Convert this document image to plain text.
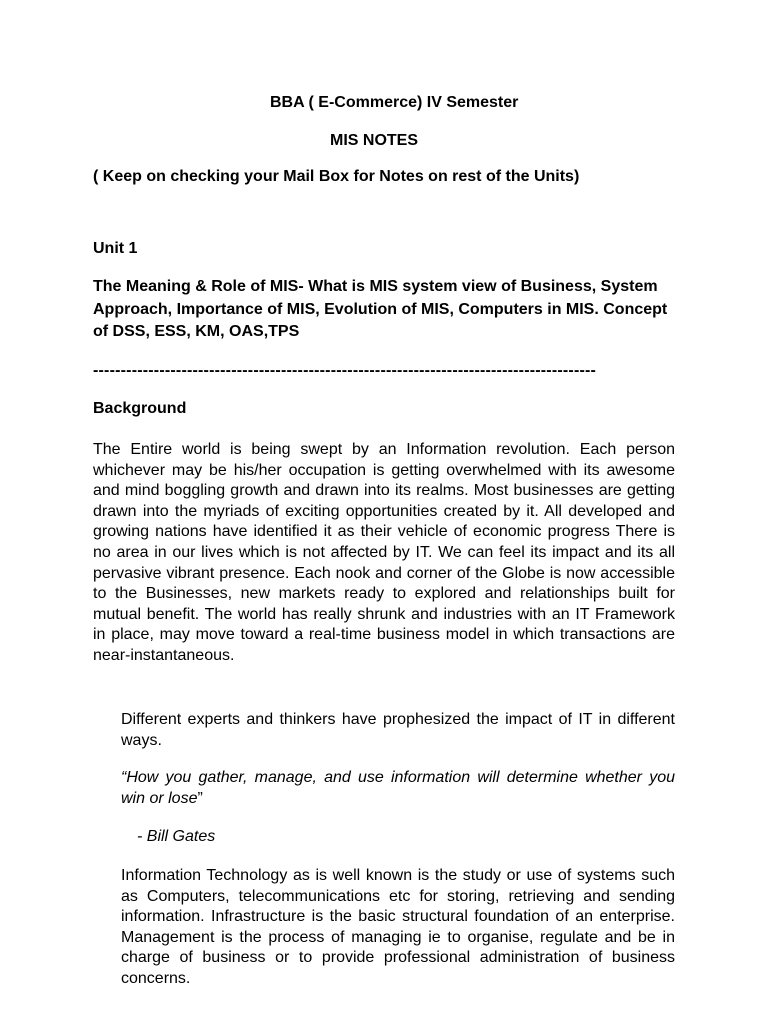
BBA ( E-Commerce) IV Semester
MIS NOTES
( Keep on checking your Mail Box for Notes on rest of the Units)
Unit 1
The Meaning & Role of MIS- What is MIS system view of Business, System Approach, Importance of MIS, Evolution of MIS, Computers in MIS. Concept of DSS, ESS, KM, OAS,TPS
-------------------------------------------------------------------------------------------
Background
The Entire world is being swept by an Information revolution. Each person whichever may be his/her occupation is getting overwhelmed with its awesome and mind boggling growth and drawn into its realms. Most businesses are getting drawn into the myriads of exciting opportunities created by it. All developed and growing nations have identified it as their vehicle of economic progress There is no area in our lives which is not affected by IT. We can feel its impact and its all pervasive vibrant presence. Each nook and corner of the Globe is now accessible to the Businesses, new markets ready to explored and relationships built for mutual benefit. The world has really shrunk and industries with an IT Framework in place, may move toward a real-time business model in which transactions are near-instantaneous.
Different experts and thinkers have prophesized the impact of IT in different ways.
“How you gather, manage, and use information will determine whether you win or lose”
- Bill Gates
Information Technology as is well known is the study or use of systems such as Computers, telecommunications etc for storing, retrieving and sending information. Infrastructure is the basic structural foundation of an enterprise. Management is the process of managing ie to organise, regulate and be in charge of business or to provide professional administration of business concerns.
